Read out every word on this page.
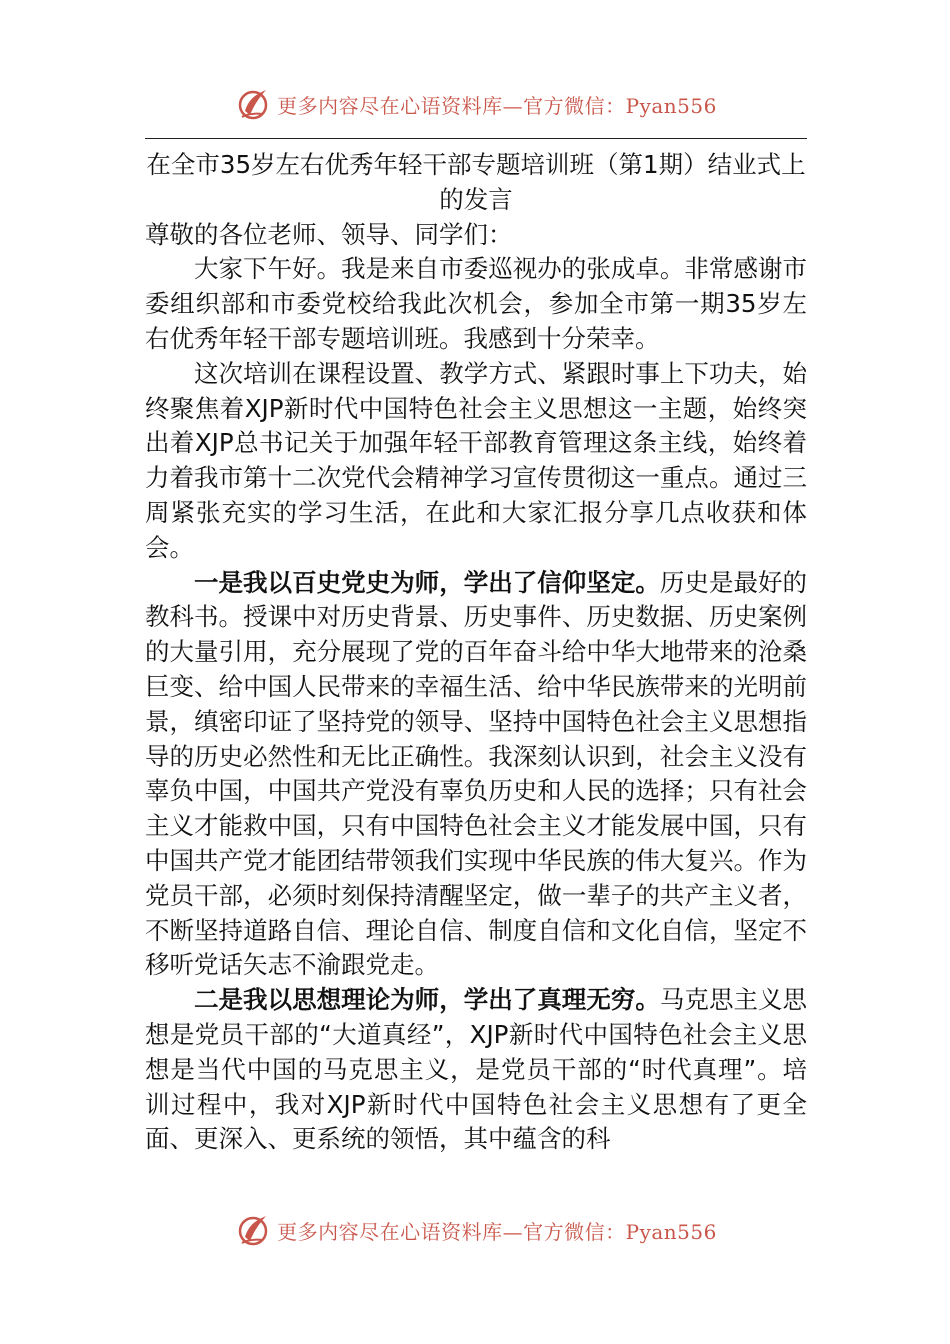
更多内容尽在心语资料库—官方微信：Pyan556

在全市35岁左右优秀年轻干部专题培训班（第1期）结业式上的发言

尊敬的各位老师、领导、同学们：

大家下午好。我是来自市委巡视办的张成卓。非常感谢市委组织部和市委党校给我此次机会，参加全市第一期35岁左右优秀年轻干部专题培训班。我感到十分荣幸。

这次培训在课程设置、教学方式、紧跟时事上下功夫，始终聚焦着XJP新时代中国特色社会主义思想这一主题，始终突出着XJP总书记关于加强年轻干部教育管理这条主线，始终着力着我市第十二次党代会精神学习宣传贯彻这一重点。通过三周紧张充实的学习生活，在此和大家汇报分享几点收获和体会。

一是我以百史党史为师，学出了信仰坚定。历史是最好的教科书。授课中对历史背景、历史事件、历史数据、历史案例的大量引用，充分展现了党的百年奋斗给中华大地带来的沧桑巨变、给中国人民带来的幸福生活、给中华民族带来的光明前景，缜密印证了坚持党的领导、坚持中国特色社会主义思想指导的历史必然性和无比正确性。我深刻认识到，社会主义没有辜负中国，中国共产党没有辜负历史和人民的选择；只有社会主义才能救中国，只有中国特色社会主义才能发展中国，只有中国共产党才能团结带领我们实现中华民族的伟大复兴。作为党员干部，必须时刻保持清醒坚定，做一辈子的共产主义者，不断坚持道路自信、理论自信、制度自信和文化自信，坚定不移听党话矢志不渝跟党走。

二是我以思想理论为师，学出了真理无穷。马克思主义思想是党员干部的“大道真经”，XJP新时代中国特色社会主义思想是当代中国的马克思主义，是党员干部的“时代真理”。培训过程中，我对XJP新时代中国特色社会主义思想有了更全面、更深入、更系统的领悟，其中蕴含的科

更多内容尽在心语资料库—官方微信：Pyan556
